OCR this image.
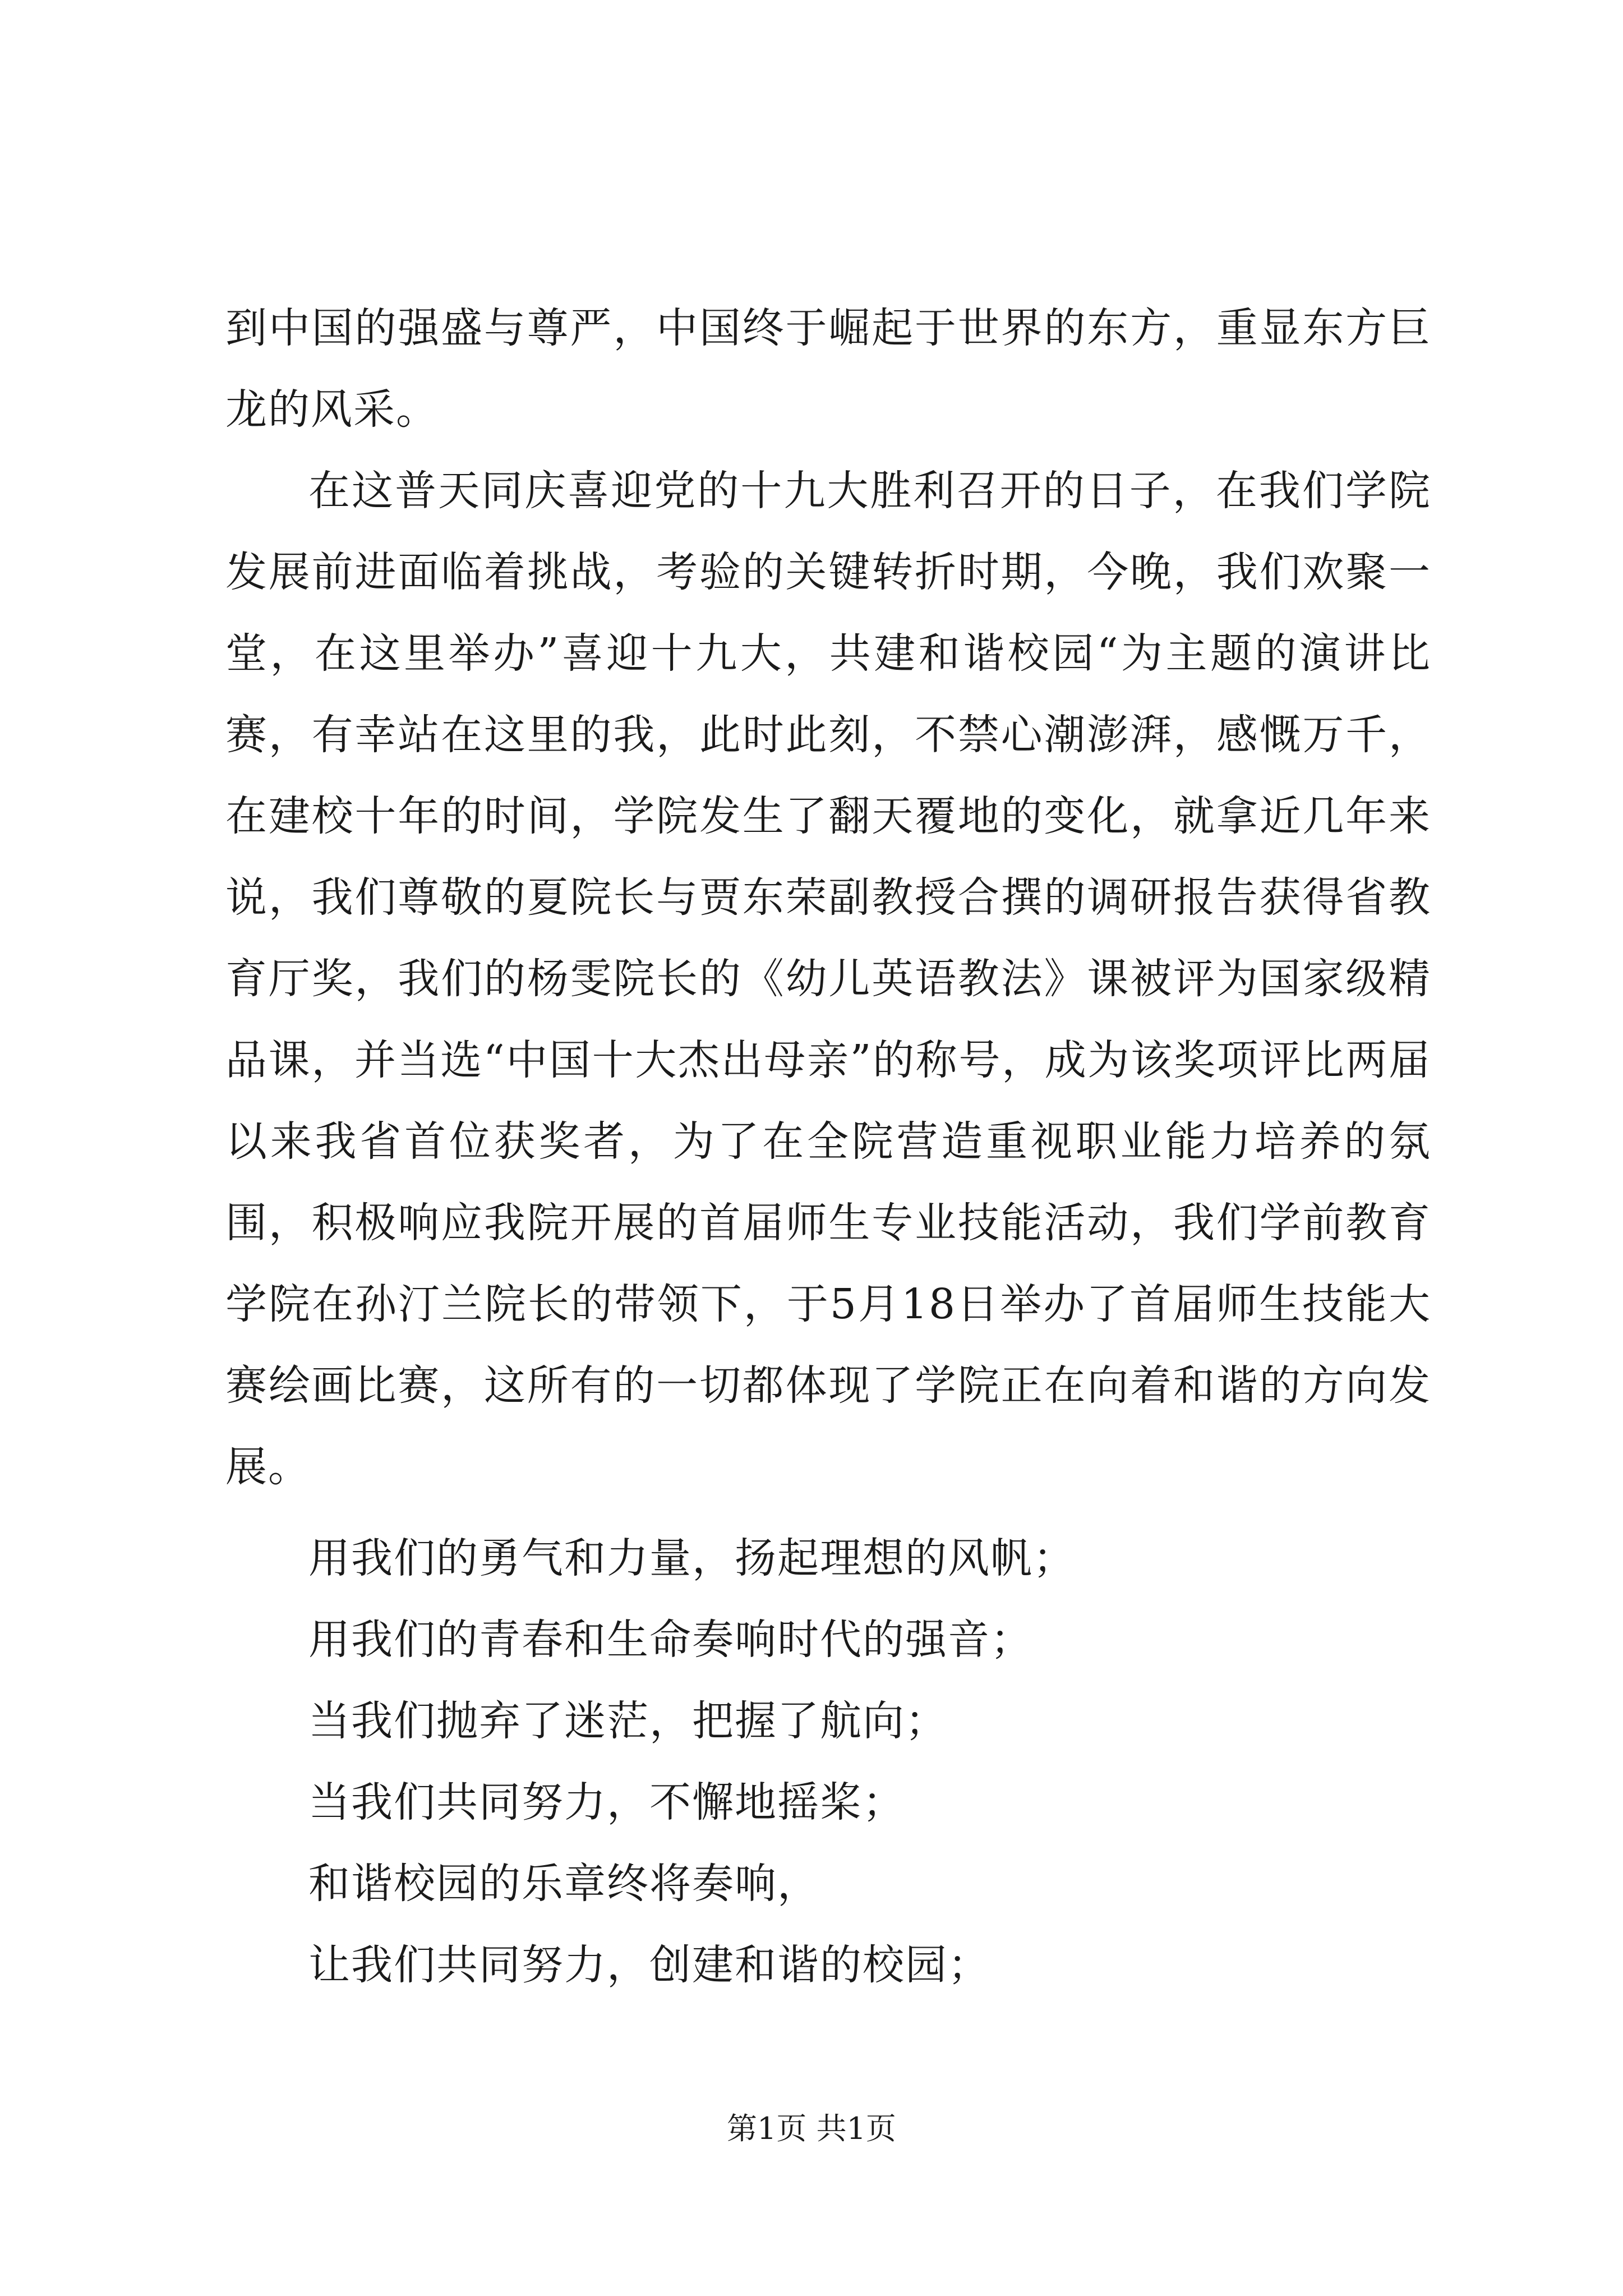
到中国的强盛与尊严，中国终于崛起于世界的东方，重显东方巨龙的风采。

在这普天同庆喜迎党的十九大胜利召开的日子，在我们学院发展前进面临着挑战，考验的关键转折时期，今晚，我们欢聚一堂，在这里举办”喜迎十九大，共建和谐校园“为主题的演讲比赛，有幸站在这里的我，此时此刻，不禁心潮澎湃，感慨万千，在建校十年的时间，学院发生了翻天覆地的变化，就拿近几年来说，我们尊敬的夏院长与贾东荣副教授合撰的调研报告获得省教育厅奖，我们的杨雯院长的《幼儿英语教法》课被评为国家级精品课，并当选“中国十大杰出母亲”的称号，成为该奖项评比两届以来我省首位获奖者，为了在全院营造重视职业能力培养的氛围，积极响应我院开展的首届师生专业技能活动，我们学前教育学院在孙汀兰院长的带领下，于5月18日举办了首届师生技能大赛绘画比赛，这所有的一切都体现了学院正在向着和谐的方向发展。

用我们的勇气和力量，扬起理想的风帆；

用我们的青春和生命奏响时代的强音；

当我们抛弃了迷茫，把握了航向；

当我们共同努力，不懈地摇桨；

和谐校园的乐章终将奏响，

让我们共同努力，创建和谐的校园；

第1页 共1页
